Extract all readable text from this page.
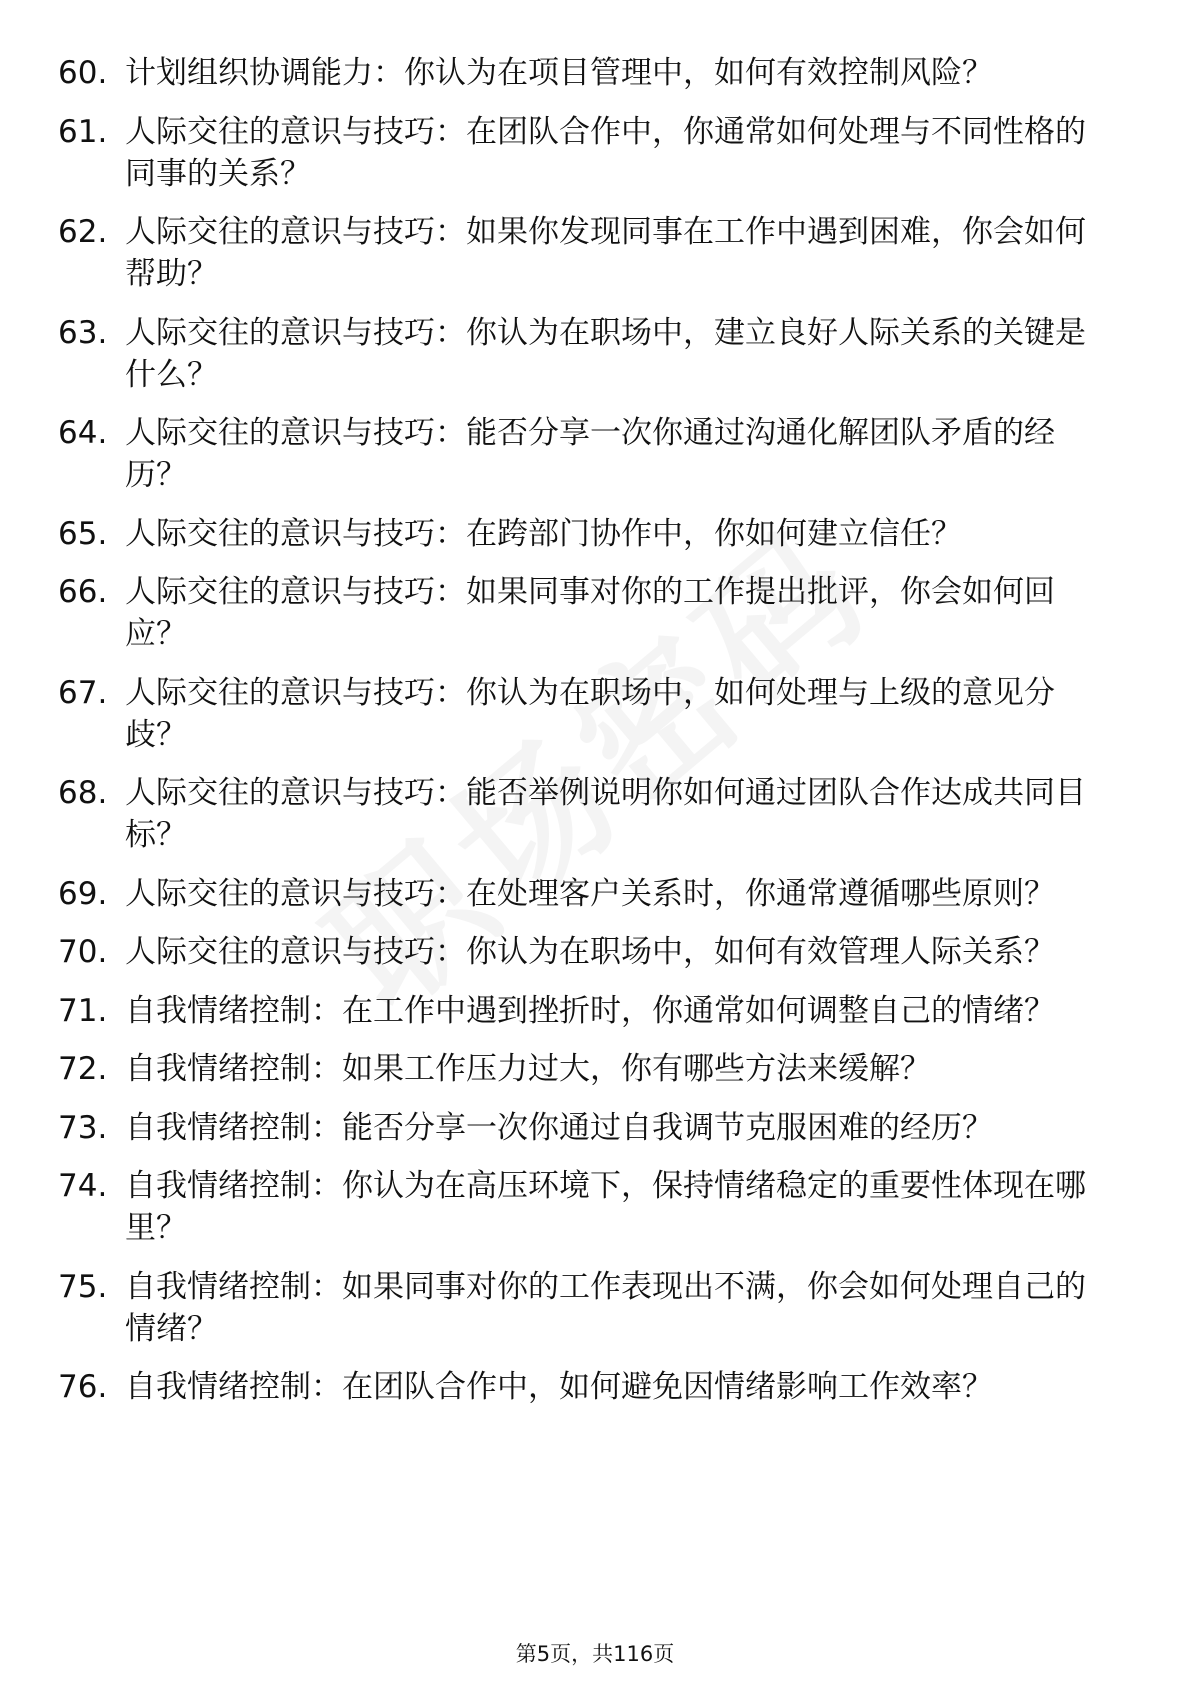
60. 计划组织协调能力：你认为在项目管理中，如何有效控制风险？
61. 人际交往的意识与技巧：在团队合作中，你通常如何处理与不同性格的同事的关系？
62. 人际交往的意识与技巧：如果你发现同事在工作中遇到困难，你会如何帮助？
63. 人际交往的意识与技巧：你认为在职场中，建立良好人际关系的关键是什么？
64. 人际交往的意识与技巧：能否分享一次你通过沟通化解团队矛盾的经历？
65. 人际交往的意识与技巧：在跨部门协作中，你如何建立信任？
66. 人际交往的意识与技巧：如果同事对你的工作提出批评，你会如何回应？
67. 人际交往的意识与技巧：你认为在职场中，如何处理与上级的意见分歧？
68. 人际交往的意识与技巧：能否举例说明你如何通过团队合作达成共同目标？
69. 人际交往的意识与技巧：在处理客户关系时，你通常遵循哪些原则？
70. 人际交往的意识与技巧：你认为在职场中，如何有效管理人际关系？
71. 自我情绪控制：在工作中遇到挫折时，你通常如何调整自己的情绪？
72. 自我情绪控制：如果工作压力过大，你有哪些方法来缓解？
73. 自我情绪控制：能否分享一次你通过自我调节克服困难的经历？
74. 自我情绪控制：你认为在高压环境下，保持情绪稳定的重要性体现在哪里？
75. 自我情绪控制：如果同事对你的工作表现出不满，你会如何处理自己的情绪？
76. 自我情绪控制：在团队合作中，如何避免因情绪影响工作效率？
第5页，共116页
